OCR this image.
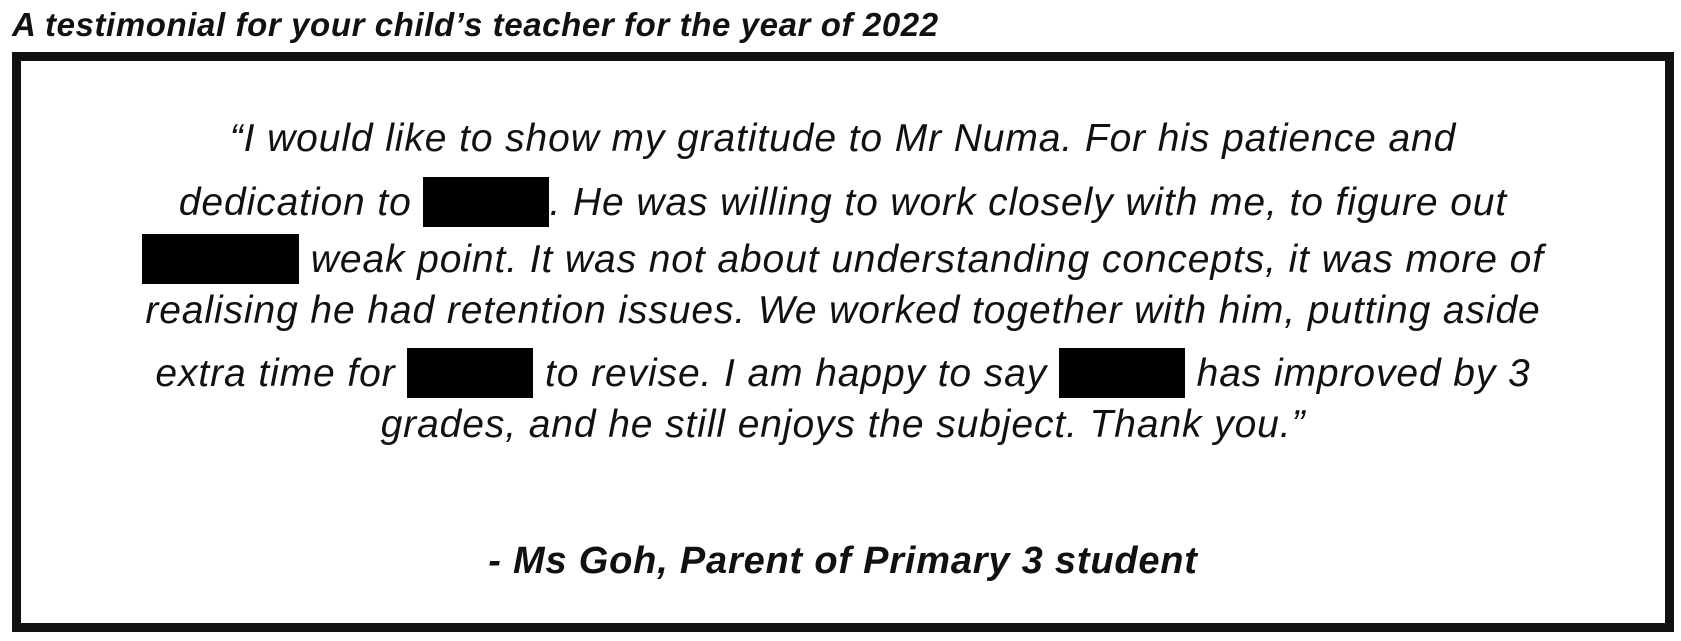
A testimonial for your child’s teacher for the year of 2022
“I would like to show my gratitude to Mr Numa. For his patience and
dedication to	. He was willing to work closely with me, to figure out
weak point. It was not about understanding concepts, it was more of
realising he had retention issues. We worked together with him, putting aside
extra time for	to revise. I am happy to say	has improved by 3
grades, and he still enjoys the subject. Thank you.”
- Ms Goh, Parent of Primary 3 student
